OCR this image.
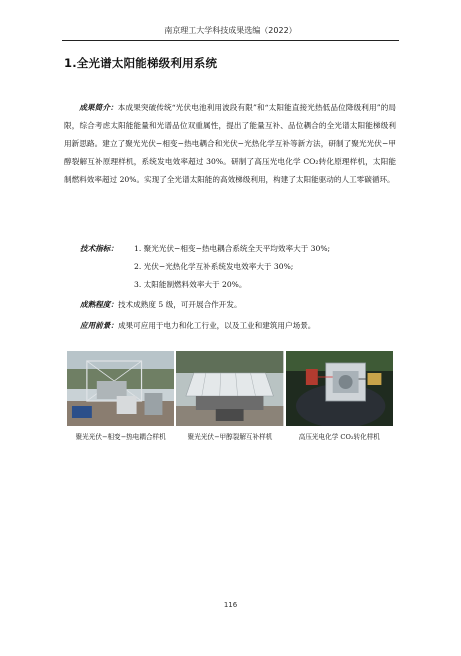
南京理工大学科技成果选编（2022）
1.全光谱太阳能梯级利用系统
成果简介：本成果突破传统“光伏电池利用波段有限”和“太阳能直接光热低品位降级利用”的局限，综合考虑太阳能能量和光谱品位双重属性，提出了能量互补、品位耦合的全光谱太阳能梯级利用新思路。建立了聚光光伏−相变−热电耦合和光伏−光热化学互补等新方法，研制了聚光光伏−甲醇裂解互补原理样机，系统发电效率超过 30%。研制了高压光电化学 CO₂转化原理样机，太阳能制燃料效率超过 20%。实现了全光谱太阳能的高效梯级利用，构建了太阳能驱动的人工零碳循环。
技术指标：	1. 聚光光伏−相变−热电耦合系统全天平均效率大于 30%;
2. 光伏−光热化学互补系统发电效率大于 30%;
3. 太阳能制燃料效率大于 20%。
成熟程度：技术成熟度 5 级，可开展合作开发。
应用前景：成果可应用于电力和化工行业，以及工业和建筑用户场景。
聚光光伏−相变−热电耦合样机	聚光光伏−甲醇裂解互补样机	高压光电化学 CO₂转化样机
116
